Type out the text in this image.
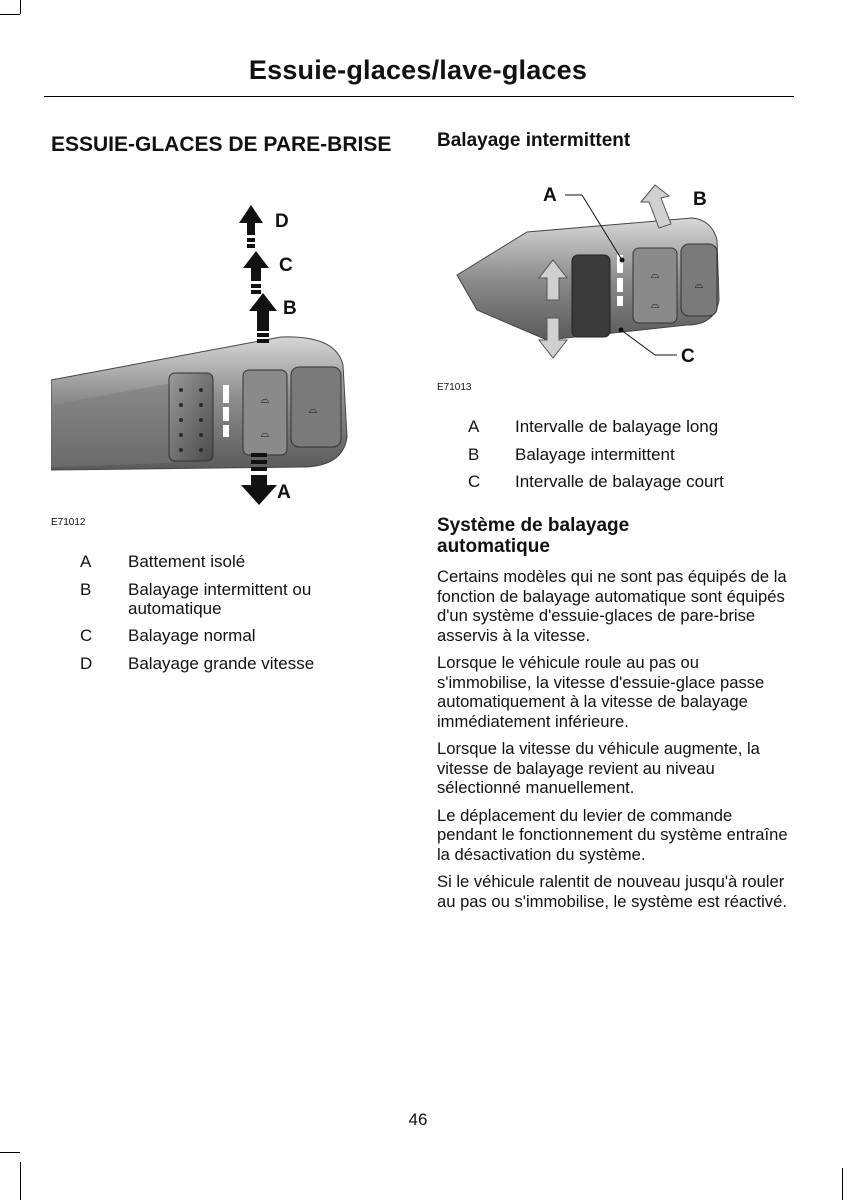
Essuie-glaces/lave-glaces
ESSUIE-GLACES DE PARE-BRISE
⌓
⌓
⌓
D
C
B
A
E71012
A Battement isolé
B Balayage intermittent ou automatique
C Balayage normal
D Balayage grande vitesse
Balayage intermittent
⌓
⌓
⌓
A	B
C
E71013
A Intervalle de balayage long
B Balayage intermittent
C Intervalle de balayage court
Système de balayage automatique

Certains modèles qui ne sont pas équipés de la fonction de balayage automatique sont équipés d'un système d'essuie-glaces de pare-brise asservis à la vitesse.

Lorsque le véhicule roule au pas ou s'immobilise, la vitesse d'essuie-glace passe automatiquement à la vitesse de balayage immédiatement inférieure.

Lorsque la vitesse du véhicule augmente, la vitesse de balayage revient au niveau sélectionné manuellement.

Le déplacement du levier de commande pendant le fonctionnement du système entraîne la désactivation du système.

Si le véhicule ralentit de nouveau jusqu'à rouler au pas ou s'immobilise, le système est réactivé.

46
